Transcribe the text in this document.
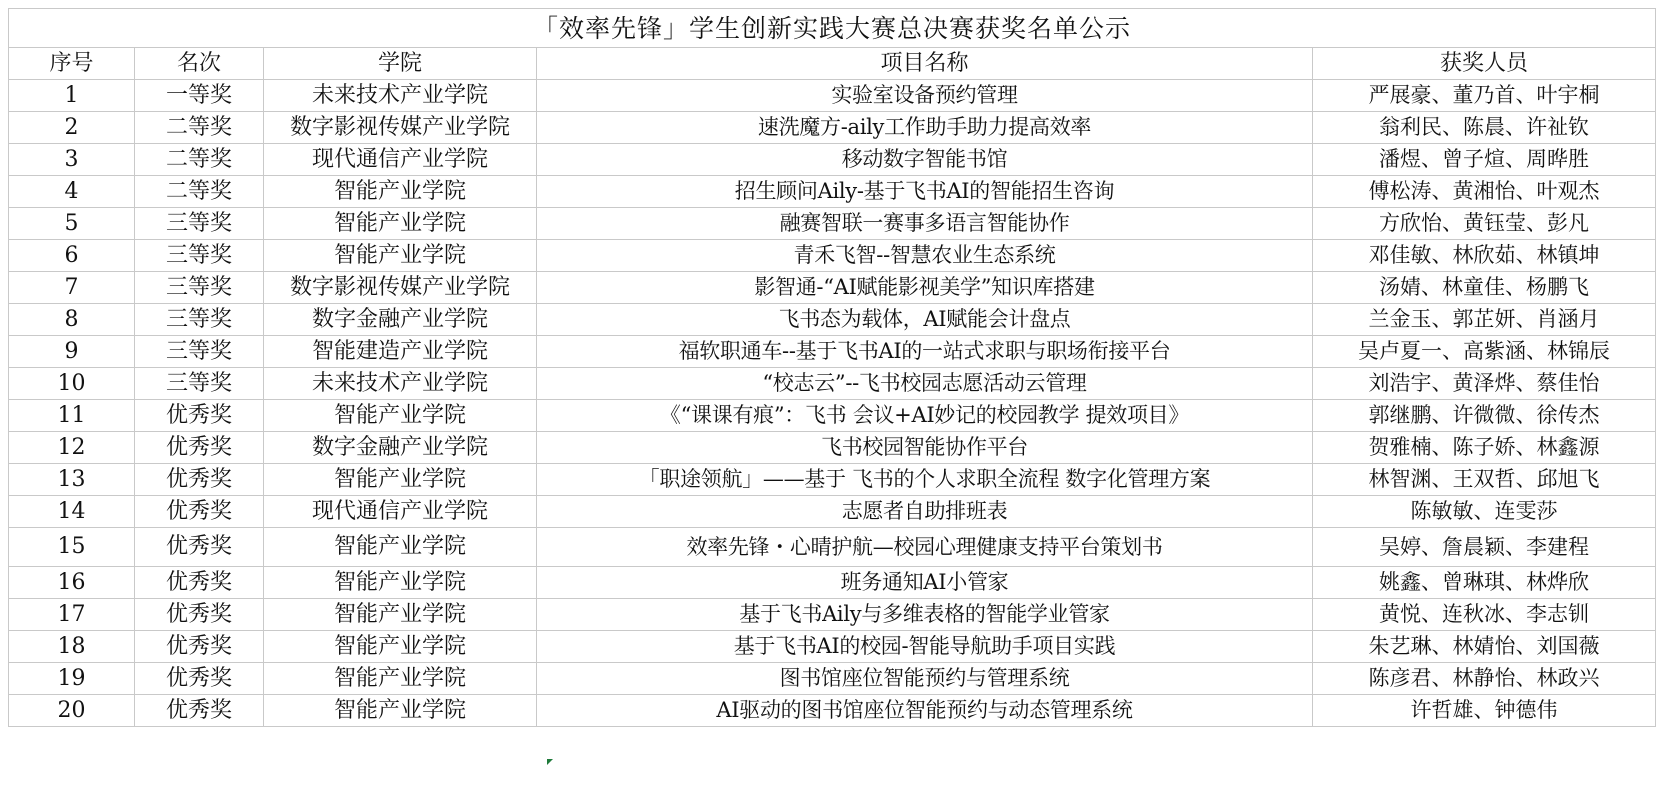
「效率先锋」学生创新实践大赛总决赛获奖名单公示				
序号	名次	学院	项目名称	获奖人员
1	一等奖	未来技术产业学院	实验室设备预约管理	严展豪、董乃首、叶宇桐
2	二等奖	数字影视传媒产业学院	速洗魔方-aily工作助手助力提高效率	翁利民、陈晨、许祉钦
3	二等奖	现代通信产业学院	移动数字智能书馆	潘煜、曾子煊、周晔胜
4	二等奖	智能产业学院	招生顾问Aily-基于飞书AI的智能招生咨询	傅松涛、黄湘怡、叶观杰
5	三等奖	智能产业学院	融赛智联一赛事多语言智能协作	方欣怡、黄钰莹、彭凡
6	三等奖	智能产业学院	青禾飞智--智慧农业生态系统	邓佳敏、林欣茹、林镇坤
7	三等奖	数字影视传媒产业学院	影智通-“AI赋能影视美学”知识库搭建	汤婧、林童佳、杨鹏飞
8	三等奖	数字金融产业学院	飞书态为载体，AI赋能会计盘点	兰金玉、郭芷妍、肖涵月
9	三等奖	智能建造产业学院	福软职通车--基于飞书AI的一站式求职与职场衔接平台	吴卢夏一、高紫涵、林锦辰
10	三等奖	未来技术产业学院	“校志云”--飞书校园志愿活动云管理	刘浩宇、黄泽烨、蔡佳怡
11	优秀奖	智能产业学院	《“课课有痕”：飞书 会议+AI妙记的校园教学 提效项目》	郭继鹏、许微微、徐传杰
12	优秀奖	数字金融产业学院	飞书校园智能协作平台	贺雅楠、陈子娇、林鑫源
13	优秀奖	智能产业学院	「职途领航」——基于 飞书的个人求职全流程 数字化管理方案	林智渊、王双哲、邱旭飞
14	优秀奖	现代通信产业学院	志愿者自助排班表	陈敏敏、连雯莎
15	优秀奖	智能产业学院	效率先锋・心晴护航—校园心理健康支持平台策划书	吴婷、詹晨颖、李建程
16	优秀奖	智能产业学院	班务通知AI小管家	姚鑫、曾琳琪、林烨欣
17	优秀奖	智能产业学院	基于飞书Aily与多维表格的智能学业管家	黄悦、连秋冰、李志钏
18	优秀奖	智能产业学院	基于飞书AI的校园-智能导航助手项目实践	朱艺琳、林婧怡、刘国薇
19	优秀奖	智能产业学院	图书馆座位智能预约与管理系统	陈彦君、林静怡、林政兴
20	优秀奖	智能产业学院	AI驱动的图书馆座位智能预约与动态管理系统	许哲雄、钟德伟
